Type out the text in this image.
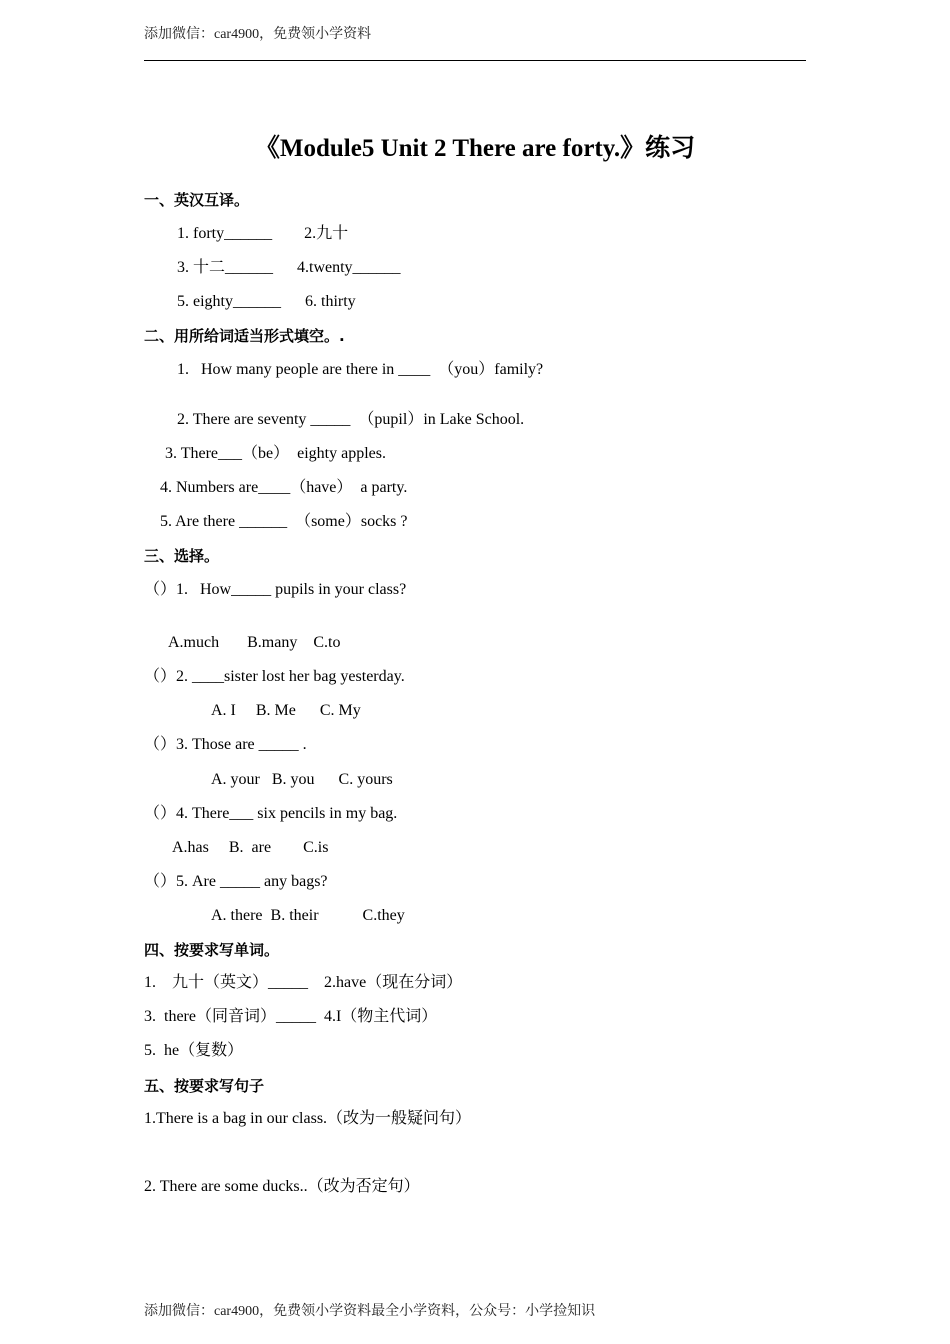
添加微信：car4900，免费领小学资料
《Module5 Unit 2 There are forty.》练习
一、英汉互译。
1. forty______        2.九十
3. 十二______      4.twenty______
5. eighty______      6. thirty
二、用所给词适当形式填空。.
1.   How many people are there in ____  （you）family?
2. There are seventy _____  （pupil）in Lake School.
3. There___（be）  eighty apples.
4. Numbers are____（have）  a party.
5. Are there ______  （some）socks ?
三、选择。
（）1.   How_____ pupils in your class?
A.much       B.many    C.to
（）2. ____sister lost her bag yesterday.
A. I     B. Me      C. My
（）3. Those are _____ .
A. your   B. you      C. yours
（）4. There___ six pencils in my bag.
A.has     B.  are        C.is
（）5. Are _____ any bags?
A. there  B. their           C.they
四、按要求写单词。
1.    九十（英文）_____    2.have（现在分词）
3.  there（同音词）_____  4.I（物主代词）
5.  he（复数）
五、按要求写句子
1.There is a bag in our class.（改为一般疑问句）
2. There are some ducks..（改为否定句）
添加微信：car4900，免费领小学资料最全小学资料，公众号：小学捡知识
